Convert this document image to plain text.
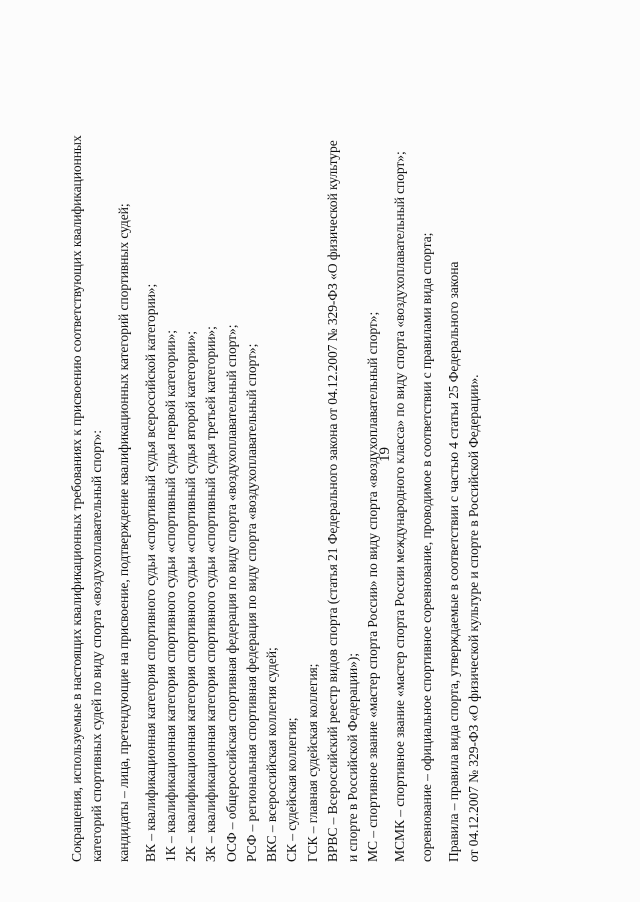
19
Сокращения, используемые в настоящих квалификационных требованиях к присвоению соответствующих квалификационных категорий спортивных судей по виду спорта «воздухоплавательный спорт»: кандидаты – лица, претендующие на присвоение, подтверждение квалификационных категорий спортивных судей; ВК – квалификационная категория спортивного судьи «спортивный судья всероссийской категории»; 1К – квалификационная категория спортивного судьи «спортивный судья первой категории»; 2К – квалификационная категория спортивного судьи «спортивный судья второй категории»; 3К – квалификационная категория спортивного судьи «спортивный судья третьей категории»; ОСФ – общероссийская спортивная федерация по виду спорта «воздухоплавательный спорт»; РСФ – региональная спортивная федерация по виду спорта «воздухоплавательный спорт»; ВКС – всероссийская коллегия судей; СК – судейская коллегия; ГСК – главная судейская коллегия; ВРВС – Всероссийский реестр видов спорта (статья 21 Федерального закона от 04.12.2007 № 329-ФЗ «О физической культуре и спорте в Российской Федерации»); МС – спортивное звание «мастер спорта России» по виду спорта «воздухоплавательный спорт»; МСМК – спортивное звание «мастер спорта России международного класса» по виду спорта «воздухоплавательный спорт»; соревнование – официальное спортивное соревнование, проводимое в соответствии с правилами вида спорта; Правила – правила вида спорта, утверждаемые в соответствии с частью 4 статьи 25 Федерального закона от 04.12.2007 № 329-ФЗ «О физической культуре и спорте в Российской Федерации».
